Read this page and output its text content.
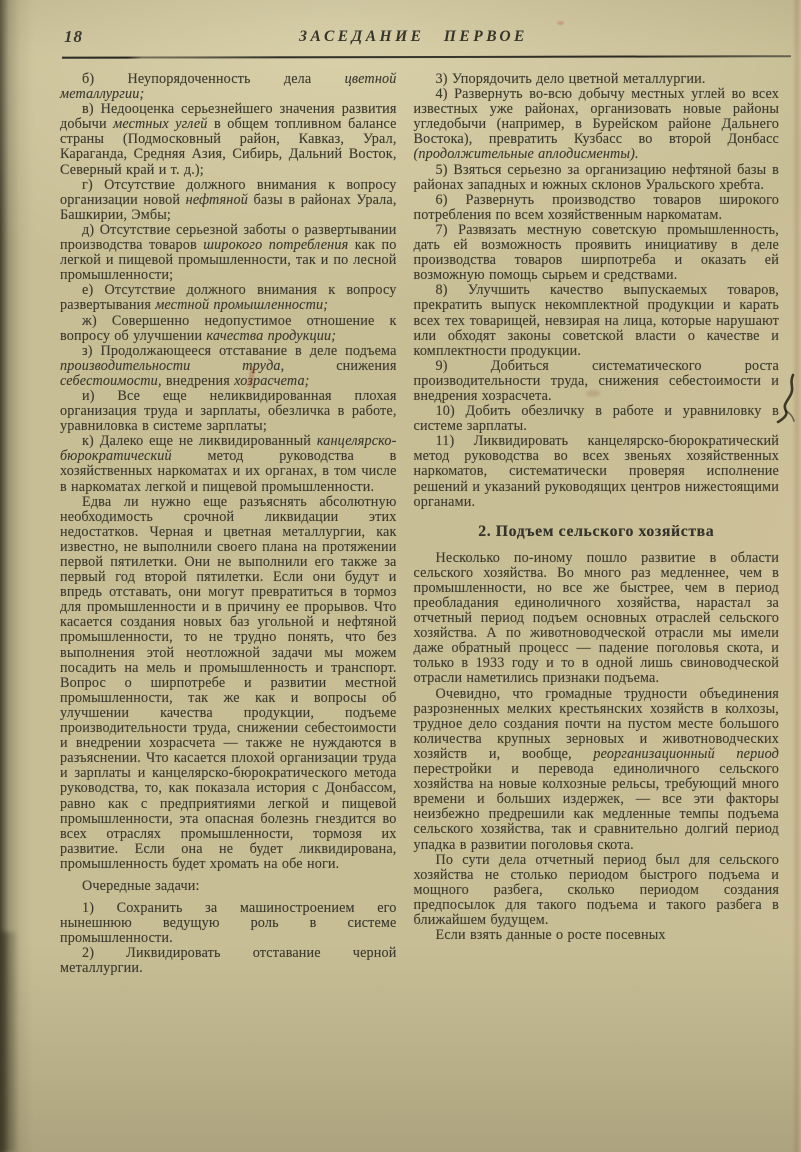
18	ЗАСЕДАНИЕ ПЕРВОЕ

б) Неупорядоченность дела цветной металлургии;

в) Недооценка серьезнейшего значения развития добычи местных углей в общем топливном балансе страны (Подмосковный район, Кавказ, Урал, Караганда, Средняя Азия, Сибирь, Дальний Восток, Северный край и т. д.);

г) Отсутствие должного внимания к вопросу организации новой нефтяной базы в районах Урала, Башкирии, Эмбы;

д) Отсутствие серьезной заботы о развертывании производства товаров широкого потребления как по легкой и пищевой промышленности, так и по лесной промышленности;

е) Отсутствие должного внимания к вопросу развертывания местной промышленности;

ж) Совершенно недопустимое отношение к вопросу об улучшении качества продукции;

з) Продолжающееся отставание в деле подъема производительности труда, снижения себестоимости, внедрения хозрасчета;

и) Все еще неликвидированная плохая организация труда и зарплаты, обезличка в работе, уравниловка в системе зарплаты;

к) Далеко еще не ликвидированный канцелярско-бюрократический метод руководства в хозяйственных наркоматах и их органах, в том числе в наркоматах легкой и пищевой промышленности.

Едва ли нужно еще разъяснять абсолютную необходимость срочной ликвидации этих недостатков. Черная и цветная металлургии, как известно, не выполнили своего плана на протяжении первой пятилетки. Они не выполнили его также за первый год второй пятилетки. Если они будут и впредь отставать, они могут превратиться в тормоз для промышленности и в причину ее прорывов. Что касается создания новых баз угольной и нефтяной промышленности, то не трудно понять, что без выполнения этой неотложной задачи мы можем посадить на мель и промышленность и транспорт. Вопрос о ширпотребе и развитии местной промышленности, так же как и вопросы об улучшении качества продукции, подъеме производительности труда, снижении себестоимости и внедрении хозрасчета — также не нуждаются в разъяснении. Что касается плохой организации труда и зарплаты и канцелярско-бюрократического метода руководства, то, как показала история с Донбассом, равно как с предприятиями легкой и пищевой промышленности, эта опасная болезнь гнездится во всех отраслях промышленности, тормозя их развитие. Если она не будет ликвидирована, промышленность будет хромать на обе ноги.

Очередные задачи:

1) Сохранить за машиностроением его нынешнюю ведущую роль в системе промышленности.

2) Ликвидировать отставание черной металлургии.

3) Упорядочить дело цветной металлургии.

4) Развернуть во-всю добычу местных углей во всех известных уже районах, организовать новые районы угледобычи (например, в Бурейском районе Дальнего Востока), превратить Кузбасс во второй Донбасс (продолжительные аплодисменты).

5) Взяться серьезно за организацию нефтяной базы в районах западных и южных склонов Уральского хребта.

6) Развернуть производство товаров широкого потребления по всем хозяйственным наркоматам.

7) Развязать местную советскую промышленность, дать ей возможность проявить инициативу в деле производства товаров ширпотреба и оказать ей возможную помощь сырьем и средствами.

8) Улучшить качество выпускаемых товаров, прекратить выпуск некомплектной продукции и карать всех тех товарищей, невзирая на лица, которые нарушают или обходят законы советской власти о качестве и комплектности продукции.

9) Добиться систематического роста производительности труда, снижения себестоимости и внедрения хозрасчета.

10) Добить обезличку в работе и уравниловку в системе зарплаты.

11) Ликвидировать канцелярско-бюрократический метод руководства во всех звеньях хозяйственных наркоматов, систематически проверяя исполнение решений и указаний руководящих центров нижестоящими органами.

2. Подъем сельского хозяйства

Несколько по-иному пошло развитие в области сельского хозяйства. Во много раз медленнее, чем в промышленности, но все же быстрее, чем в период преобладания единоличного хозяйства, нарастал за отчетный период подъем основных отраслей сельского хозяйства. А по животноводческой отрасли мы имели даже обратный процесс — падение поголовья скота, и только в 1933 году и то в одной лишь свиноводческой отрасли наметились признаки подъема.

Очевидно, что громадные трудности объединения разрозненных мелких крестьянских хозяйств в колхозы, трудное дело создания почти на пустом месте большого количества крупных зерновых и животноводческих хозяйств и, вообще, реорганизационный период перестройки и перевода единоличного сельского хозяйства на новые колхозные рельсы, требующий много времени и больших издержек, — все эти факторы неизбежно предрешили как медленные темпы подъема сельского хозяйства, так и сравнительно долгий период упадка в развитии поголовья скота.

По сути дела отчетный период был для сельского хозяйства не столько периодом быстрого подъема и мощного разбега, сколько периодом создания предпосылок для такого подъема и такого разбега в ближайшем будущем.

Если взять данные о росте посевных
